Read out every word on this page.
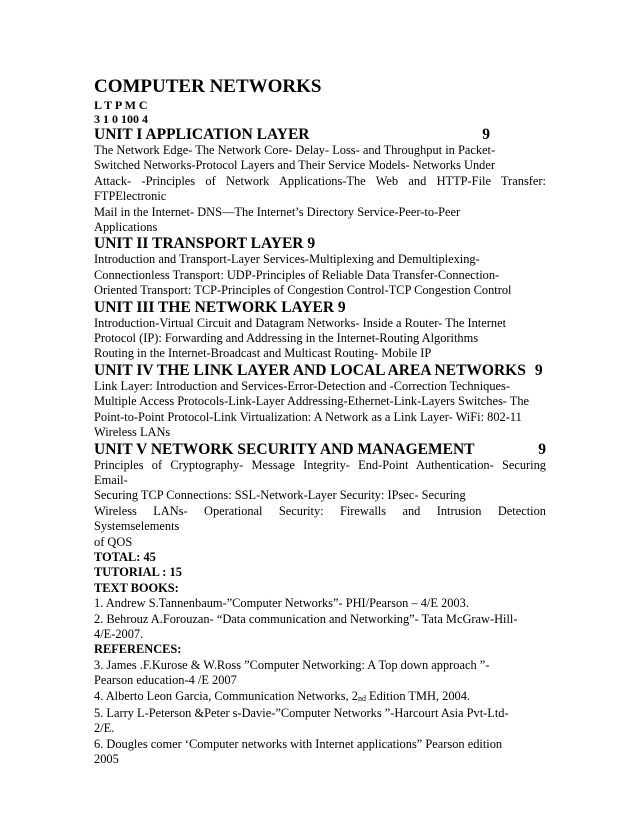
COMPUTER NETWORKS
L T P M C
3 1 0 100 4
UNIT I APPLICATION LAYER	9

The Network Edge- The Network Core- Delay- Loss- and Throughput in Packet-

Switched Networks-Protocol Layers and Their Service Models- Networks Under

Attack- -Principles of Network Applications-The Web and HTTP-File Transfer:

FTPElectronic

Mail in the Internet- DNS—The Internet’s Directory Service-Peer-to-Peer

Applications

UNIT II TRANSPORT LAYER 9

Introduction and Transport-Layer Services-Multiplexing and Demultiplexing-

Connectionless Transport: UDP-Principles of Reliable Data Transfer-Connection-

Oriented Transport: TCP-Principles of Congestion Control-TCP Congestion Control

UNIT III THE NETWORK LAYER 9

Introduction-Virtual Circuit and Datagram Networks- Inside a Router- The Internet

Protocol (IP): Forwarding and Addressing in the Internet-Routing Algorithms

Routing in the Internet-Broadcast and Multicast Routing- Mobile IP

UNIT IV THE LINK LAYER AND LOCAL AREA NETWORKS 9

Link Layer: Introduction and Services-Error-Detection and -Correction Techniques-

Multiple Access Protocols-Link-Layer Addressing-Ethernet-Link-Layers Switches- The

Point-to-Point Protocol-Link Virtualization: A Network as a Link Layer- WiFi: 802-11

Wireless LANs

UNIT V NETWORK SECURITY AND MANAGEMENT	9

Principles of Cryptography- Message Integrity- End-Point Authentication- Securing

Email-

Securing TCP Connections: SSL-Network-Layer Security: IPsec- Securing

Wireless LANs- Operational Security: Firewalls and Intrusion Detection

Systemselements

of QOS

TOTAL: 45
TUTORIAL : 15
TEXT BOOKS:

1. Andrew S.Tannenbaum-”Computer Networks”- PHI/Pearson – 4/E 2003.

2. Behrouz A.Forouzan- “Data communication and Networking”- Tata McGraw-Hill-

4/E-2007.

REFERENCES:

3. James .F.Kurose & W.Ross ”Computer Networking: A Top down approach ”-

Pearson education-4 /E 2007

4. Alberto Leon Garcia, Communication Networks, $2_{nd}$ Edition TMH, 2004.

5. Larry L-Peterson &Peter s-Davie-”Computer Networks ”-Harcourt Asia Pvt-Ltd-

2/E.

6. Dougles comer ‘Computer networks with Internet applications” Pearson edition

2005
